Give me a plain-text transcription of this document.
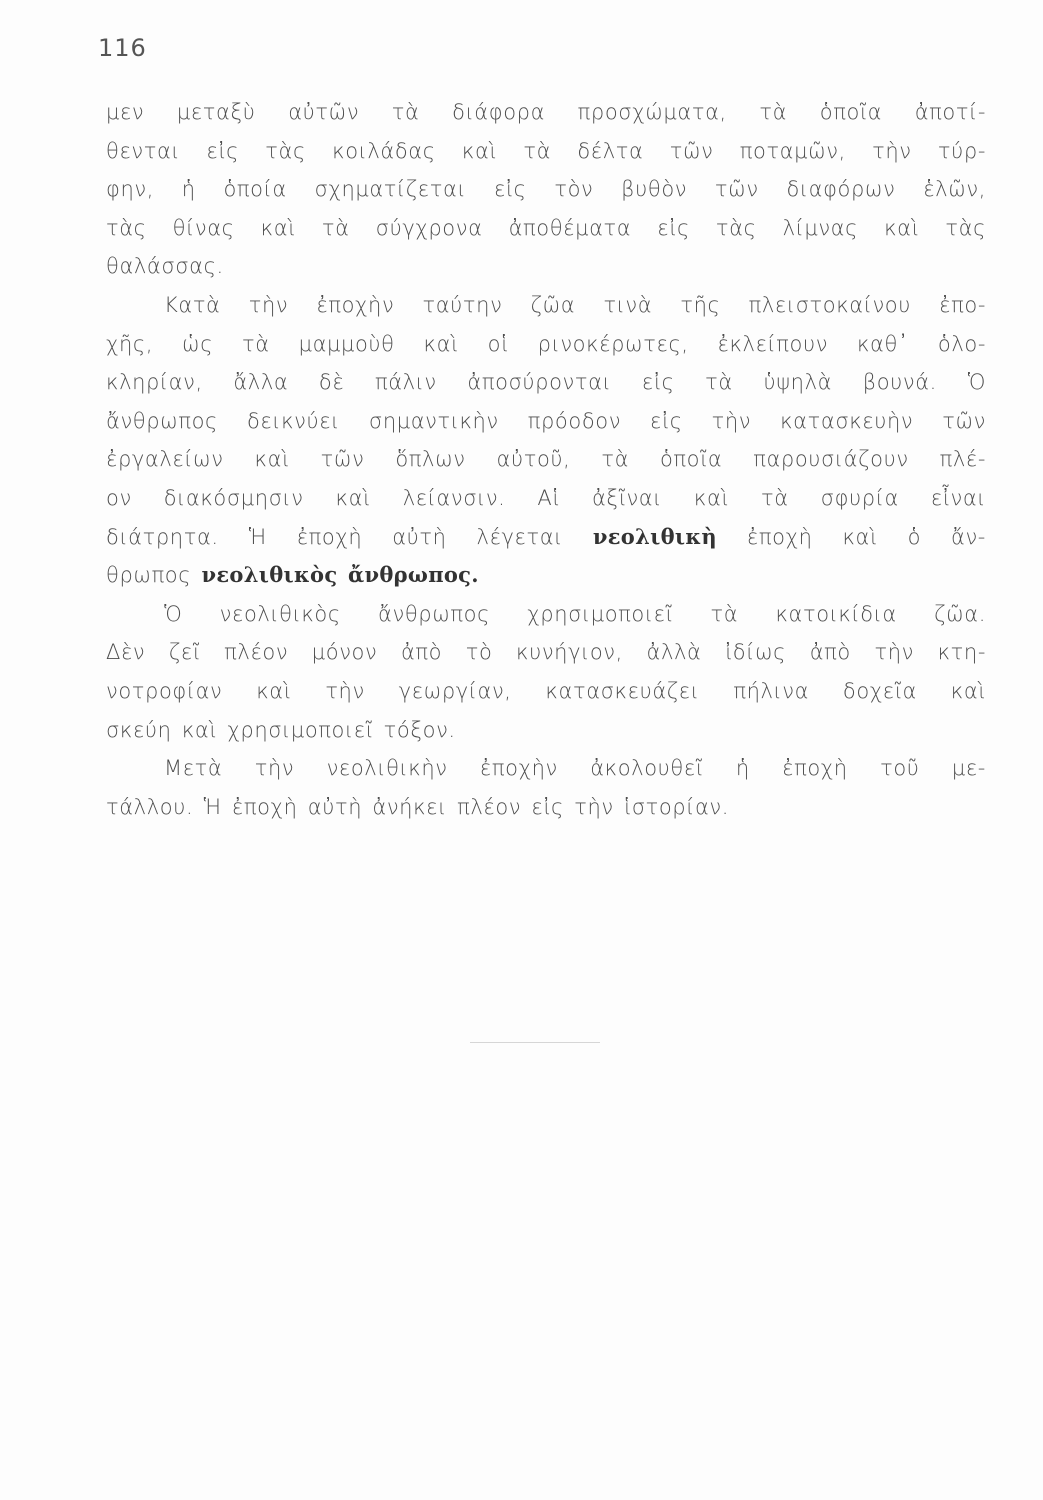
116
μεν μεταξὺ αὐτῶν τὰ διάφορα προσχώματα, τὰ ὁποῖα ἀποτί-
θενται εἰς τὰς κοιλάδας καὶ τὰ δέλτα τῶν ποταμῶν, τὴν τύρ-
φην, ἡ ὁποία σχηματίζεται εἰς τὸν βυθὸν τῶν διαφόρων ἑλῶν,
τὰς θίνας καὶ τὰ σύγχρονα ἀποθέματα εἰς τὰς λίμνας καὶ τὰς
θαλάσσας.
Κατὰ τὴν ἐποχὴν ταύτην ζῶα τινὰ τῆς πλειστοκαίνου ἐπο-
χῆς, ὡς τὰ μαμμοὺθ καὶ οἱ ρινοκέρωτες, ἐκλείπουν καθ᾽ ὁλο-
κληρίαν, ἄλλα δὲ πάλιν ἀποσύρονται εἰς τὰ ὑψηλὰ βουνά. Ὁ
ἄνθρωπος δεικνύει σημαντικὴν πρόοδον εἰς τὴν κατασκευὴν τῶν
ἐργαλείων καὶ τῶν ὅπλων αὐτοῦ, τὰ ὁποῖα παρουσιάζουν πλέ-
ον διακόσμησιν καὶ λείανσιν. Αἱ ἀξῖναι καὶ τὰ σφυρία εἶναι
διάτρητα. Ἡ ἐποχὴ αὐτὴ λέγεται νεολιθικὴ ἐποχὴ καὶ ὁ ἄν-
θρωπος νεολιθικὸς ἄνθρωπος.
Ὁ νεολιθικὸς ἄνθρωπος χρησιμοποιεῖ τὰ κατοικίδια ζῶα.
Δὲν ζεῖ πλέον μόνον ἀπὸ τὸ κυνήγιον, ἀλλὰ ἰδίως ἀπὸ τὴν κτη-
νοτροφίαν καὶ τὴν γεωργίαν, κατασκευάζει πήλινα δοχεῖα καὶ
σκεύη καὶ χρησιμοποιεῖ τόξον.
Μετὰ τὴν νεολιθικὴν ἐποχὴν ἀκολουθεῖ ἡ ἐποχὴ τοῦ με-
τάλλου. Ἡ ἐποχὴ αὐτὴ ἀνήκει πλέον εἰς τὴν ἱστορίαν.
